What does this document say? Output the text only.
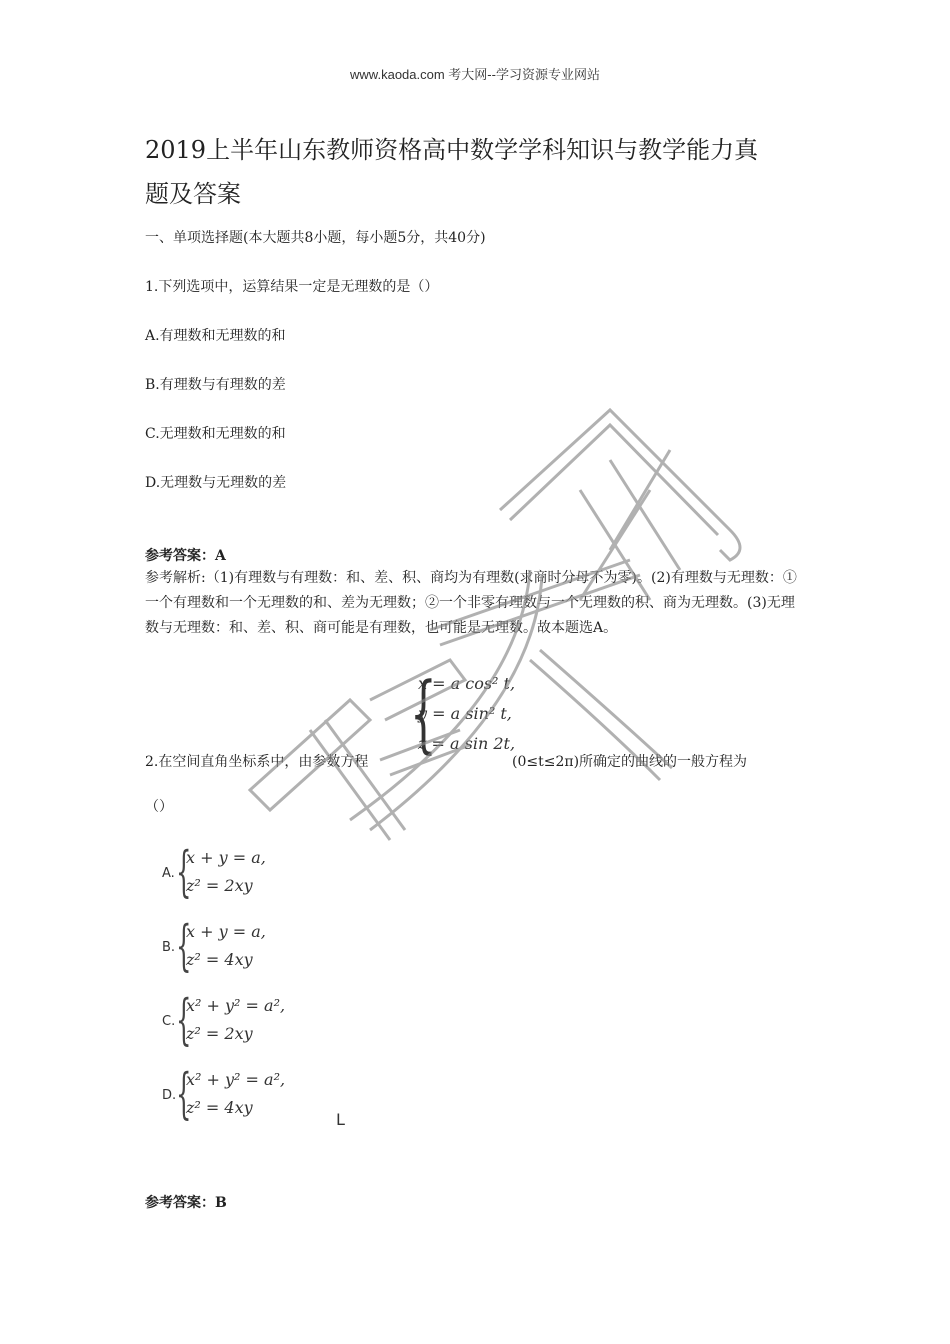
www.kaoda.com 考大网--学习资源专业网站
2019上半年山东教师资格高中数学学科知识与教学能力真
题及答案
一、单项选择题(本大题共8小题，每小题5分，共40分)
1.下列选项中，运算结果一定是无理数的是（）
A.有理数和无理数的和
B.有理数与有理数的差
C.无理数和无理数的和
D.无理数与无理数的差
参考答案：A
参考解析:（1)有理数与有理数：和、差、积、商均为有理数(求商时分母不为零)。(2)有理数与无理数：①一个有理数和一个无理数的和、差为无理数；②一个非零有理数与一个无理数的积、商为无理数。(3)无理数与无理数：和、差、积、商可能是有理数，也可能是无理数。故本题选A。
{
x = a cos² t,
y = a sin² t,
z = a sin 2t,
2.在空间直角坐标系中，由参数方程	(0≤t≤2π)所确定的曲线的一般方程为
（）
A. {
x + y = a,
z² = 2xy
B. {
x + y = a,
z² = 4xy
C. {
x² + y² = a²,
z² = 2xy
D. {
x² + y² = a²,
z² = 4xy
L
参考答案：B
考大网
